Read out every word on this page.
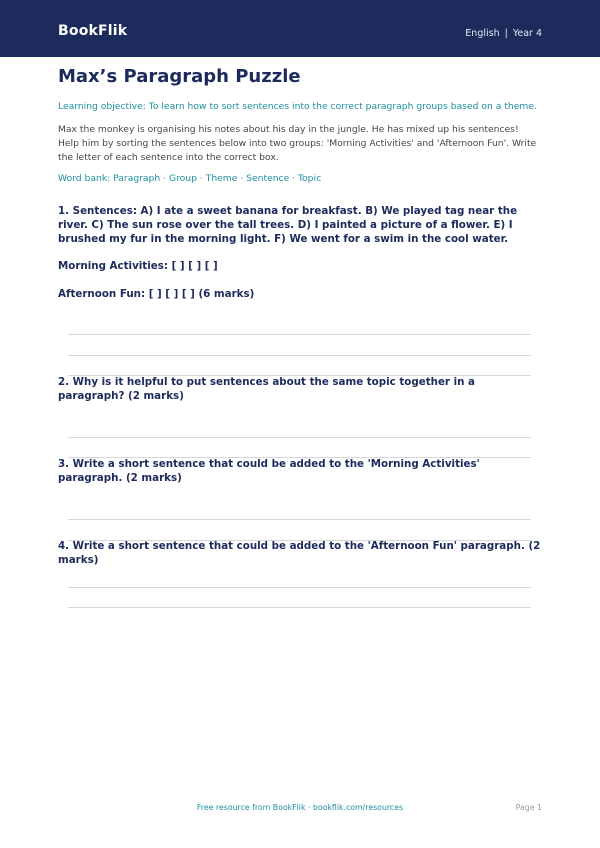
BookFlik	English | Year 4
Max’s Paragraph Puzzle
Learning objective: To learn how to sort sentences into the correct paragraph groups based on a theme.
Max the monkey is organising his notes about his day in the jungle. He has mixed up his sentences! Help him by sorting the sentences below into two groups: 'Morning Activities' and 'Afternoon Fun'. Write the letter of each sentence into the correct box.
Word bank: Paragraph · Group · Theme · Sentence · Topic
1. Sentences: A) I ate a sweet banana for breakfast. B) We played tag near the river. C) The sun rose over the tall trees. D) I painted a picture of a flower. E) I brushed my fur in the morning light. F) We went for a swim in the cool water.
Morning Activities: [ ] [ ] [ ]
Afternoon Fun: [ ] [ ] [ ] (6 marks)
2. Why is it helpful to put sentences about the same topic together in a paragraph? (2 marks)
3. Write a short sentence that could be added to the 'Morning Activities' paragraph. (2 marks)
4. Write a short sentence that could be added to the 'Afternoon Fun' paragraph. (2 marks)
Free resource from BookFlik · bookflik.com/resources	Page 1
